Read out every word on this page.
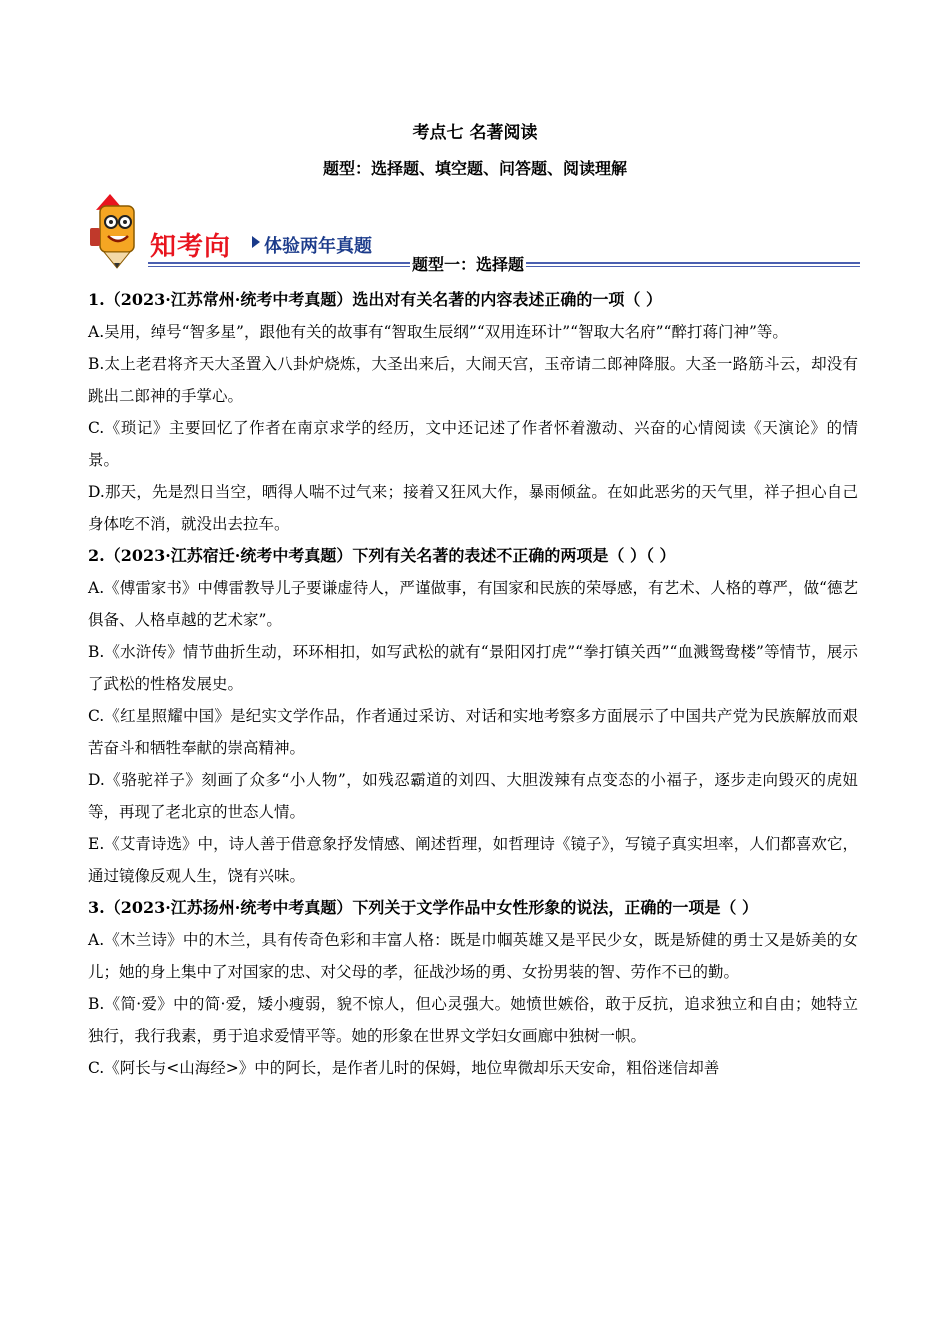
考点七 名著阅读
题型：选择题、填空题、问答题、阅读理解
知考向 体验两年真题
题型一：选择题

1.（2023·江苏常州·统考中考真题）选出对有关名著的内容表述正确的一项（ ）

A.吴用，绰号“智多星”，跟他有关的故事有“智取生辰纲”“双用连环计”“智取大名府”“醉打蒋门神”等。

B.太上老君将齐天大圣置入八卦炉烧炼，大圣出来后，大闹天宫，玉帝请二郎神降服。大圣一路筋斗云，却没有跳出二郎神的手掌心。

C.《琐记》主要回忆了作者在南京求学的经历，文中还记述了作者怀着激动、兴奋的心情阅读《天演论》的情景。

D.那天，先是烈日当空，晒得人喘不过气来；接着又狂风大作，暴雨倾盆。在如此恶劣的天气里，祥子担心自己身体吃不消，就没出去拉车。

2.（2023·江苏宿迁·统考中考真题）下列有关名著的表述不正确的两项是（ ）（ ）

A.《傅雷家书》中傅雷教导儿子要谦虚待人，严谨做事，有国家和民族的荣辱感，有艺术、人格的尊严，做“德艺俱备、人格卓越的艺术家”。

B.《水浒传》情节曲折生动，环环相扣，如写武松的就有“景阳冈打虎”“拳打镇关西”“血溅鸳鸯楼”等情节，展示了武松的性格发展史。

C.《红星照耀中国》是纪实文学作品，作者通过采访、对话和实地考察多方面展示了中国共产党为民族解放而艰苦奋斗和牺牲奉献的崇高精神。

D.《骆驼祥子》刻画了众多“小人物”，如残忍霸道的刘四、大胆泼辣有点变态的小福子，逐步走向毁灭的虎妞等，再现了老北京的世态人情。

E.《艾青诗选》中，诗人善于借意象抒发情感、阐述哲理，如哲理诗《镜子》，写镜子真实坦率，人们都喜欢它，通过镜像反观人生，饶有兴味。

3.（2023·江苏扬州·统考中考真题）下列关于文学作品中女性形象的说法，正确的一项是（ ）

A.《木兰诗》中的木兰，具有传奇色彩和丰富人格：既是巾帼英雄又是平民少女，既是矫健的勇士又是娇美的女儿；她的身上集中了对国家的忠、对父母的孝，征战沙场的勇、女扮男装的智、劳作不已的勤。

B.《简·爱》中的简·爱，矮小瘦弱，貌不惊人，但心灵强大。她愤世嫉俗，敢于反抗，追求独立和自由；她特立独行，我行我素，勇于追求爱情平等。她的形象在世界文学妇女画廊中独树一帜。

C.《阿长与<山海经>》中的阿长，是作者儿时的保姆，地位卑微却乐天安命，粗俗迷信却善
